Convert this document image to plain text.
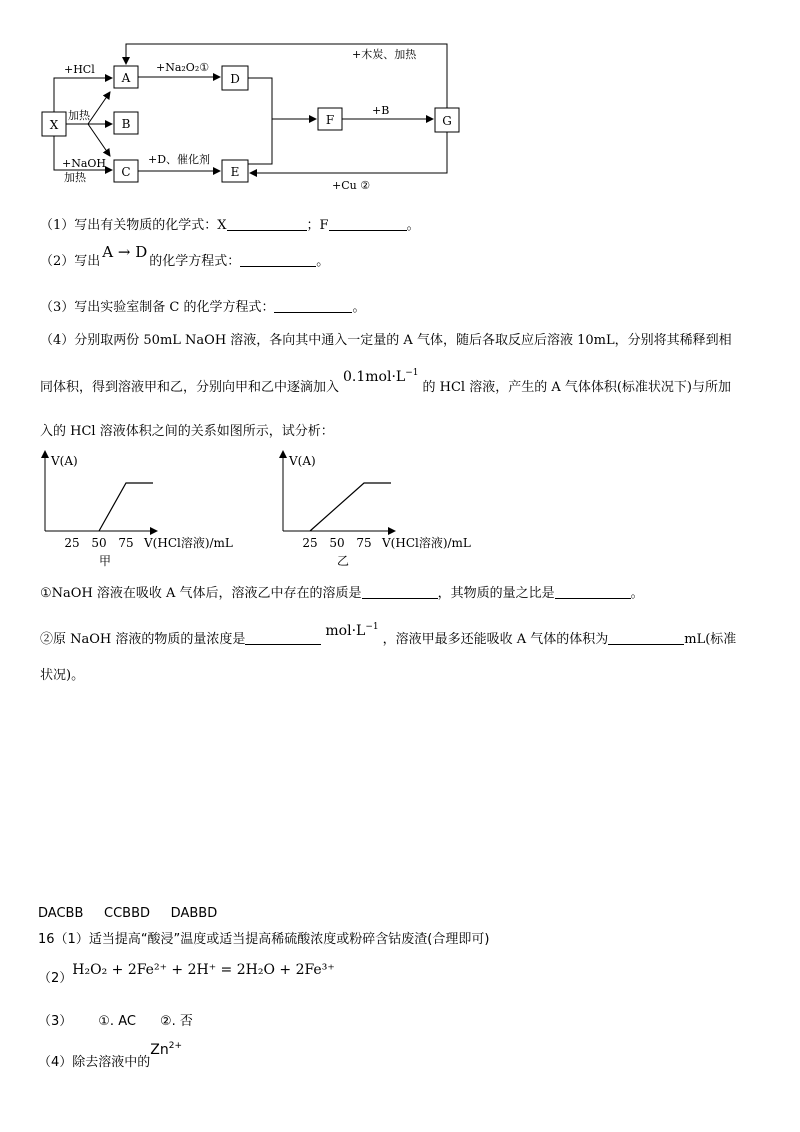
X
A
B
C
D
E
F	G
+HCl	+Na₂O₂①
+木炭、加热
加热
+NaOH
加热
+D、催化剂
+B
+Cu ②
（1）写出有关物质的化学式：X	；F	。
（2）写出A → D的化学方程式：	。
（3）写出实验室制备 C 的化学方程式：	。
（4）分别取两份 50mL NaOH 溶液，各向其中通入一定量的 A 气体，随后各取反应后溶液 10mL，分别将其稀释到相
同体积，得到溶液甲和乙，分别向甲和乙中逐滴加入$0.1mol\cdot L^{-1}$的 HCl 溶液，产生的 A 气体体积(标准状况下)与所加
入的 HCl 溶液体积之间的关系如图所示，试分析：
V(A)
25 50 75 V(HCl溶液)/mL
甲
V(A)
25 50 75 V(HCl溶液)/mL
乙
①NaOH 溶液在吸收 A 气体后，溶液乙中存在的溶质是	，其物质的量之比是	。
②原 NaOH 溶液的物质的量浓度是$mol\cdot L^{-1}$，溶液甲最多还能吸收 A 气体的体积为	mL(标准
状况)。
DACBB     CCBBD     DABBD
16（1）适当提高“酸浸”温度或适当提高稀硫酸浓度或粉碎含钴废渣(合理即可)
（2）H₂O₂ + 2Fe²⁺ + 2H⁺ = 2H₂O + 2Fe³⁺
（3） ①. AC ②. 否
（4）除去溶液中的$Zn^{2+}$
